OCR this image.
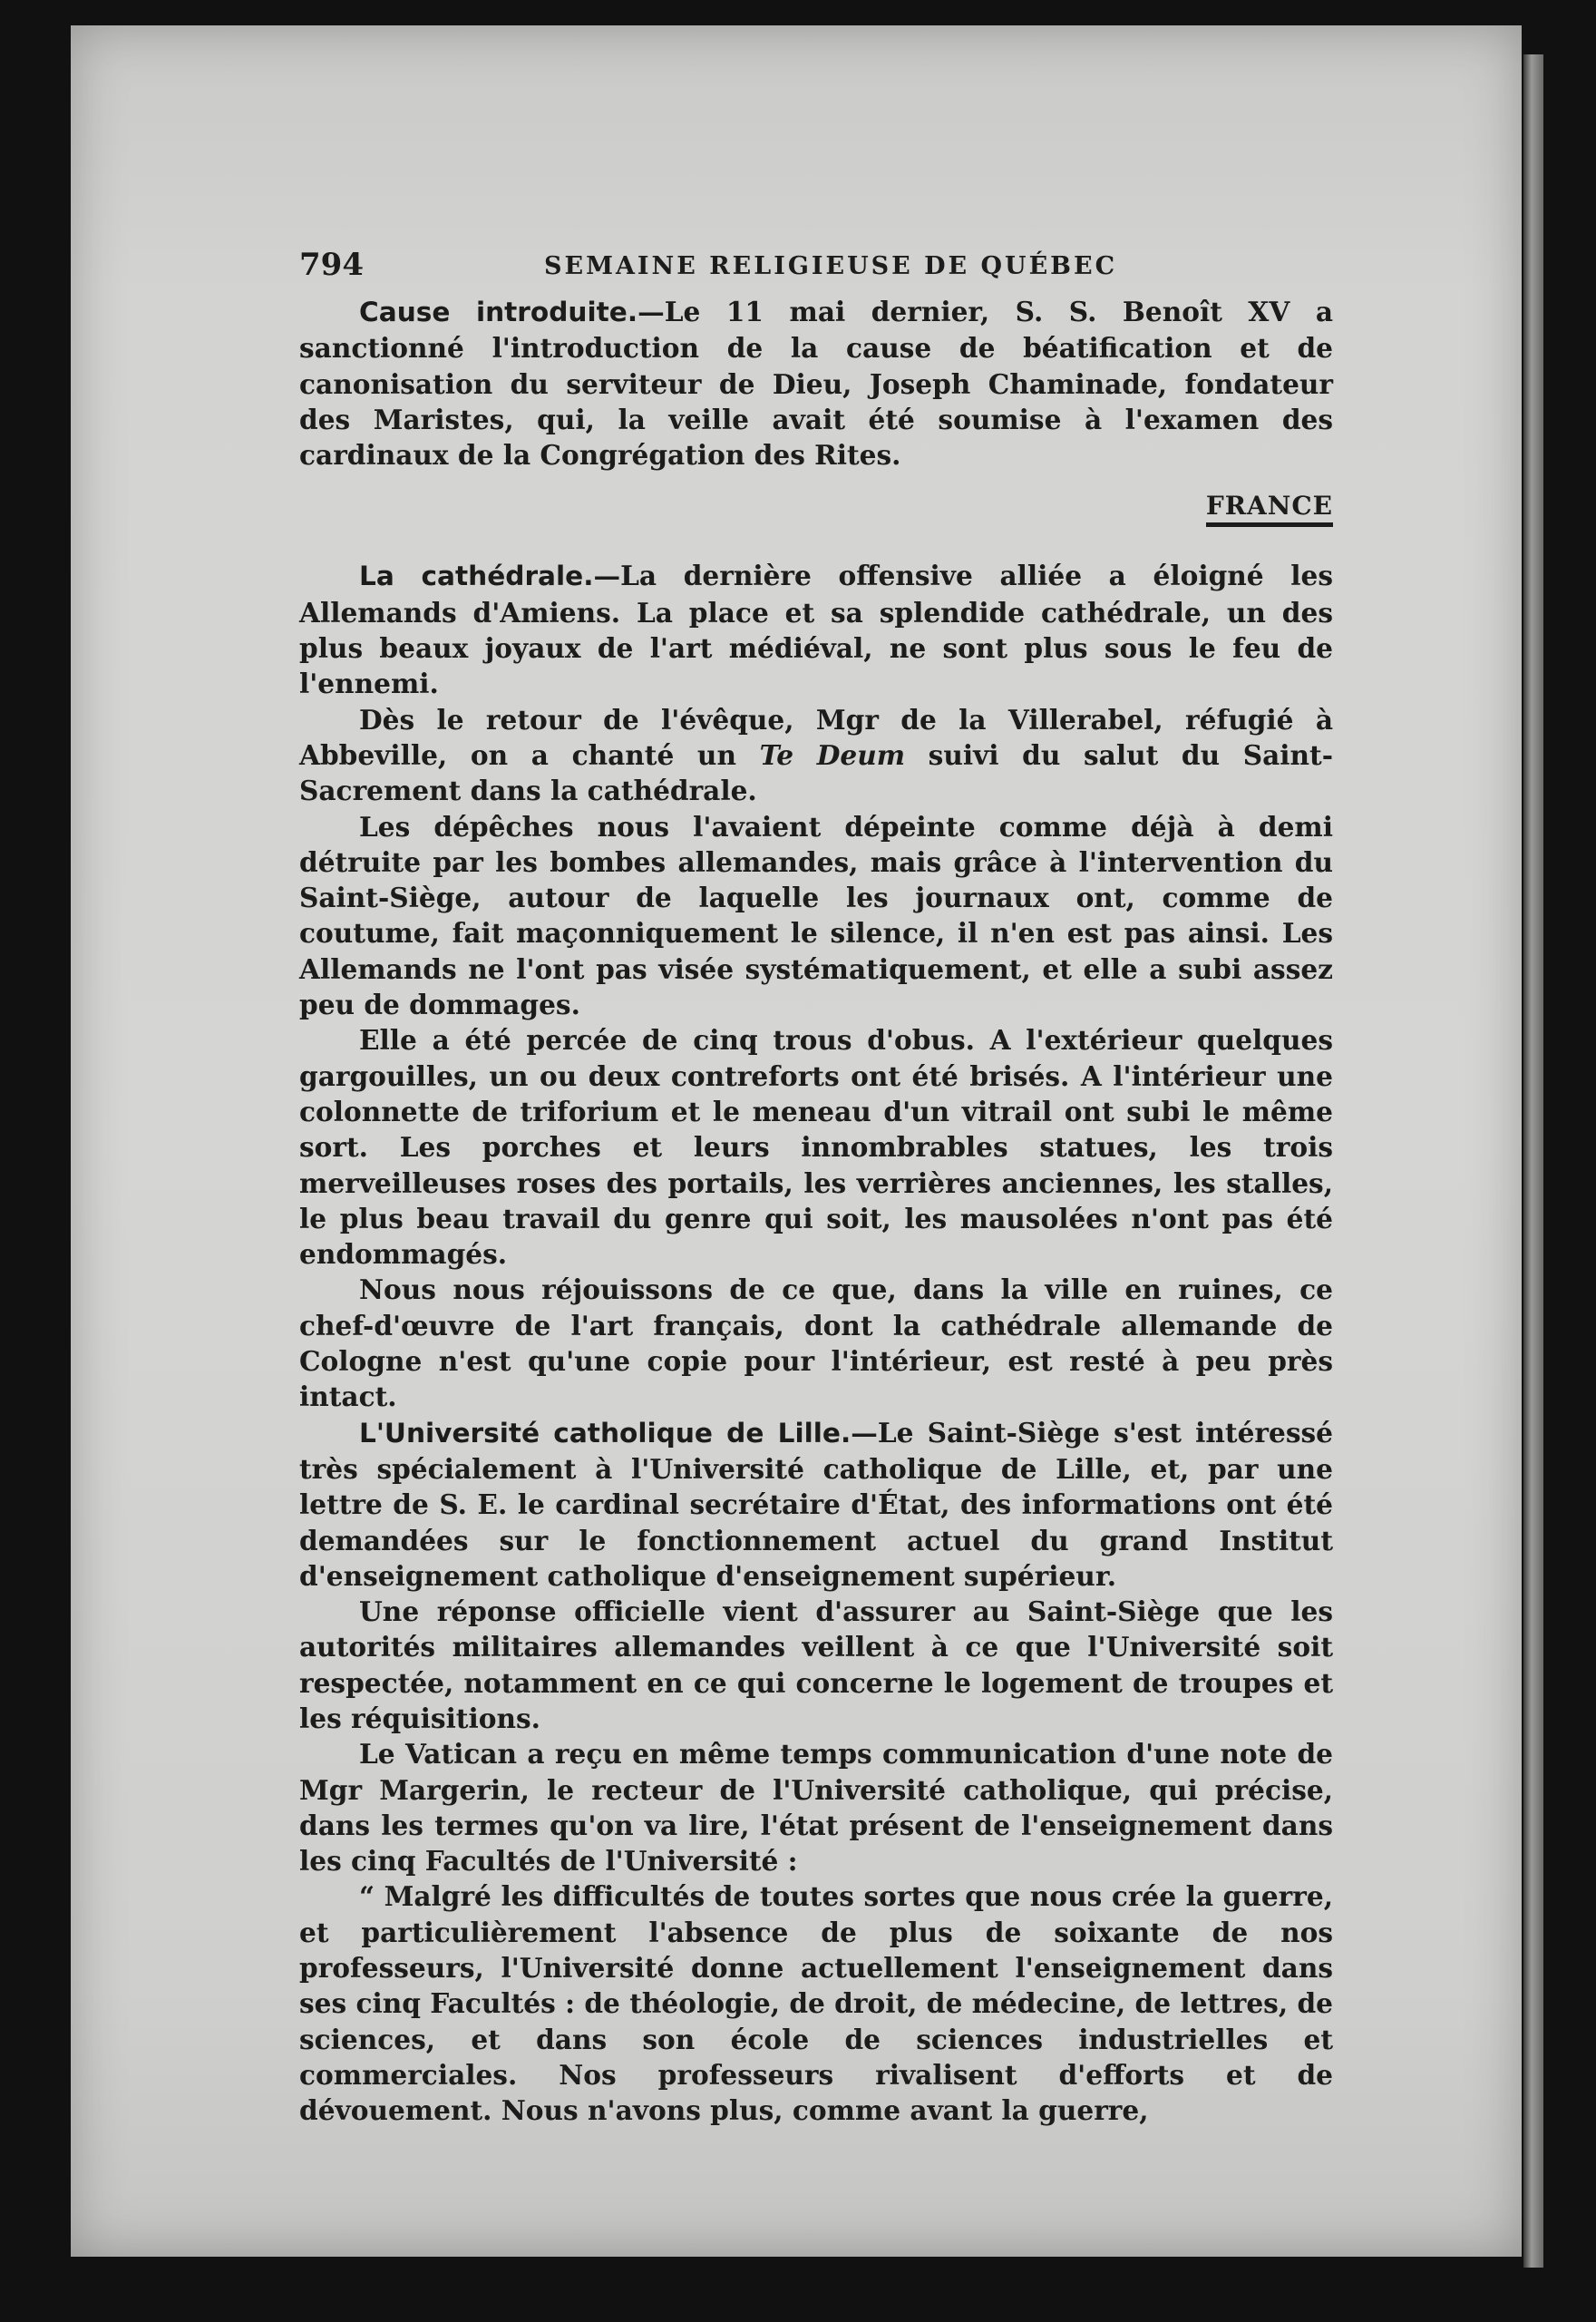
794	SEMAINE RELIGIEUSE DE QUÉBEC

Cause introduite.—Le 11 mai dernier, S. S. Benoît XV a sanctionné l'introduction de la cause de béatification et de canonisation du serviteur de Dieu, Joseph Chaminade, fondateur des Maristes, qui, la veille avait été soumise à l'examen des cardinaux de la Congrégation des Rites.

FRANCE

La cathédrale.—La dernière offensive alliée a éloigné les Allemands d'Amiens. La place et sa splendide cathédrale, un des plus beaux joyaux de l'art médiéval, ne sont plus sous le feu de l'ennemi.

Dès le retour de l'évêque, Mgr de la Villerabel, réfugié à Abbeville, on a chanté un Te Deum suivi du salut du Saint-Sacrement dans la cathédrale.

Les dépêches nous l'avaient dépeinte comme déjà à demi détruite par les bombes allemandes, mais grâce à l'intervention du Saint-Siège, autour de laquelle les journaux ont, comme de coutume, fait maçonniquement le silence, il n'en est pas ainsi. Les Allemands ne l'ont pas visée systématiquement, et elle a subi assez peu de dommages.

Elle a été percée de cinq trous d'obus. A l'extérieur quelques gargouilles, un ou deux contreforts ont été brisés. A l'intérieur une colonnette de triforium et le meneau d'un vitrail ont subi le même sort. Les porches et leurs innombrables statues, les trois merveilleuses roses des portails, les verrières anciennes, les stalles, le plus beau travail du genre qui soit, les mausolées n'ont pas été endommagés.

Nous nous réjouissons de ce que, dans la ville en ruines, ce chef-d'œuvre de l'art français, dont la cathédrale allemande de Cologne n'est qu'une copie pour l'intérieur, est resté à peu près intact.

L'Université catholique de Lille.—Le Saint-Siège s'est intéressé très spécialement à l'Université catholique de Lille, et, par une lettre de S. E. le cardinal secrétaire d'État, des informations ont été demandées sur le fonctionnement actuel du grand Institut d'enseignement catholique d'enseignement supérieur.

Une réponse officielle vient d'assurer au Saint-Siège que les autorités militaires allemandes veillent à ce que l'Université soit respectée, notamment en ce qui concerne le logement de troupes et les réquisitions.

Le Vatican a reçu en même temps communication d'une note de Mgr Margerin, le recteur de l'Université catholique, qui précise, dans les termes qu'on va lire, l'état présent de l'enseignement dans les cinq Facultés de l'Université :

“ Malgré les difficultés de toutes sortes que nous crée la guerre, et particulièrement l'absence de plus de soixante de nos professeurs, l'Université donne actuellement l'enseignement dans ses cinq Facultés : de théologie, de droit, de médecine, de lettres, de sciences, et dans son école de sciences industrielles et commerciales. Nos professeurs rivalisent d'efforts et de dévouement. Nous n'avons plus, comme avant la guerre,
